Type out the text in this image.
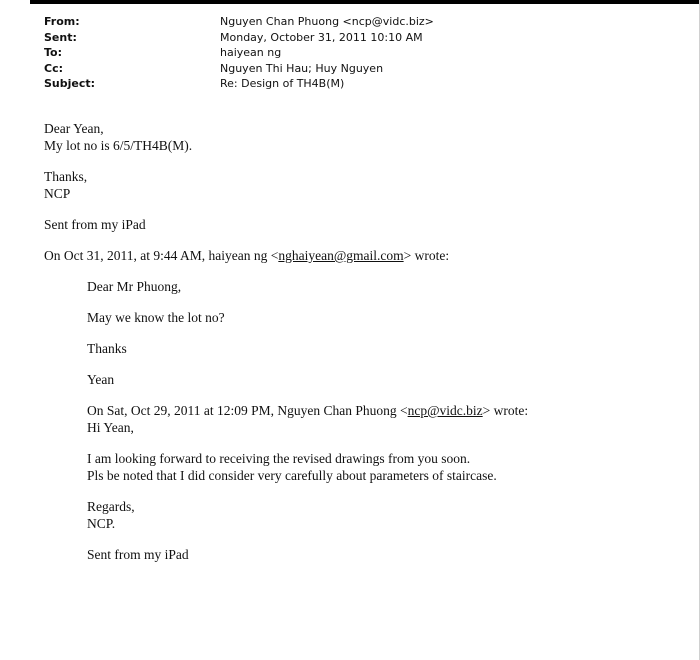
From:	Nguyen Chan Phuong <ncp@vidc.biz>
Sent:	Monday, October 31, 2011 10:10 AM
To:	haiyean ng
Cc:	Nguyen Thi Hau; Huy Nguyen
Subject:	Re: Design of TH4B(M)
Dear Yean,
My lot no is 6/5/TH4B(M).
Thanks,
NCP
Sent from my iPad
On Oct 31, 2011, at 9:44 AM, haiyean ng <nghaiyean@gmail.com> wrote:
Dear Mr Phuong,
May we know the lot no?
Thanks
Yean
On Sat, Oct 29, 2011 at 12:09 PM, Nguyen Chan Phuong <ncp@vidc.biz> wrote:
Hi Yean,
I am looking forward to receiving the revised drawings from you soon.
Pls be noted that I did consider very carefully about parameters of staircase.
Regards,
NCP.
Sent from my iPad
